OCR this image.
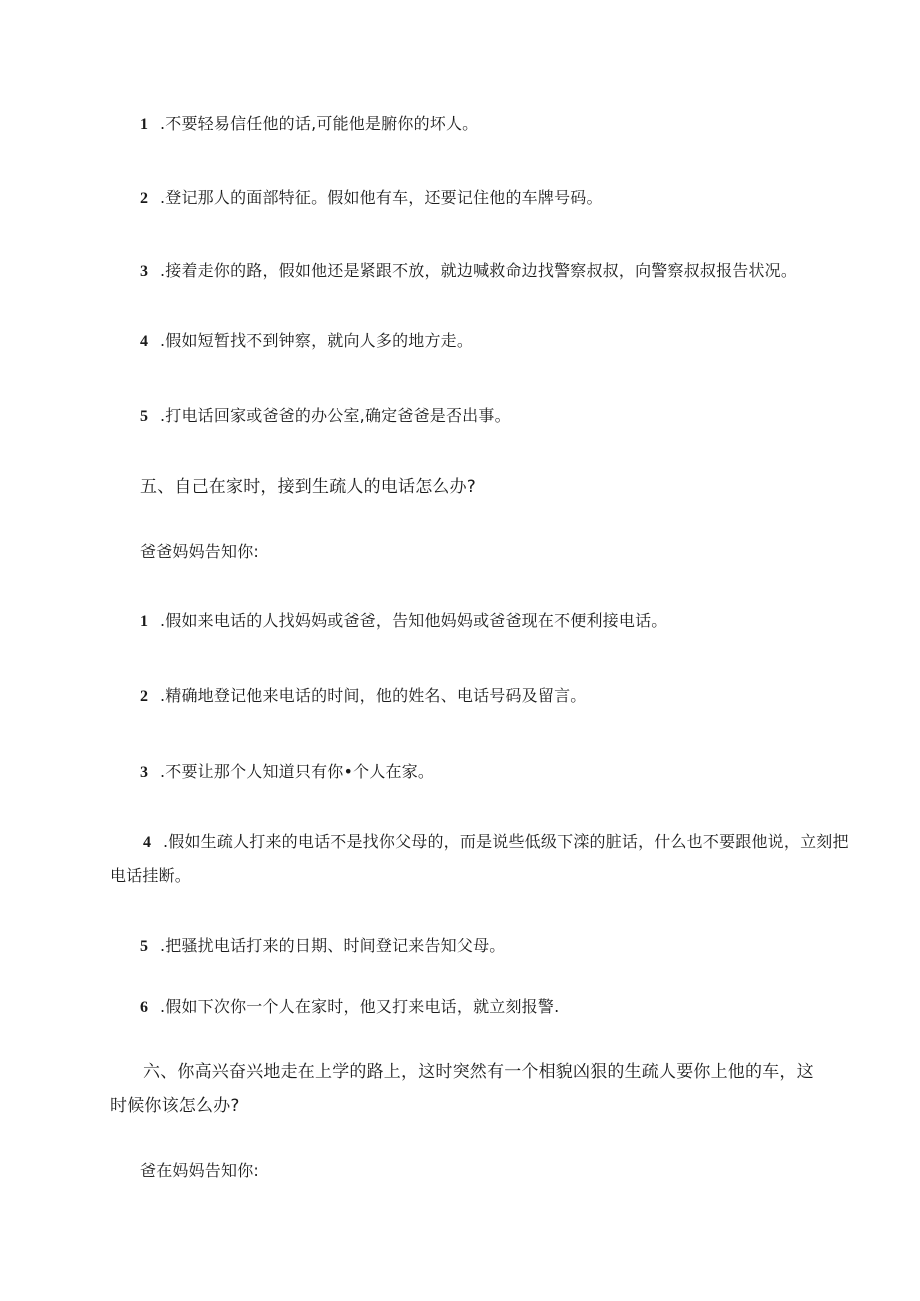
1 .不要轻易信任他的话,可能他是腑你的坏人。
2 .登记那人的面部特征。假如他有车，还要记住他的车牌号码。
3 .接着走你的路，假如他还是紧跟不放，就边喊救命边找警察叔叔，向警察叔叔报告状况。
4 .假如短暂找不到钟察，就向人多的地方走。
5 .打电话回家或爸爸的办公室,确定爸爸是否出事。
五、自己在家时，接到生疏人的电话怎么办?
爸爸妈妈告知你:
1 .假如来电话的人找妈妈或爸爸，告知他妈妈或爸爸现在不便利接电话。
2 .精确地登记他来电话的时间，他的姓名、电话号码及留言。
3 .不要让那个人知道只有你•个人在家。
4 .假如生疏人打来的电话不是找你父母的，而是说些低级下滦的脏话，什么也不要跟他说，立刻把
电话挂断。
5 .把骚扰电话打来的日期、时间登记来告知父母。
6 .假如下次你一个人在家时，他又打来电话，就立刻报警.
六、你高兴奋兴地走在上学的路上，这时突然有一个相貌凶狠的生疏人要你上他的车，这
时候你该怎么办?
爸在妈妈告知你:
